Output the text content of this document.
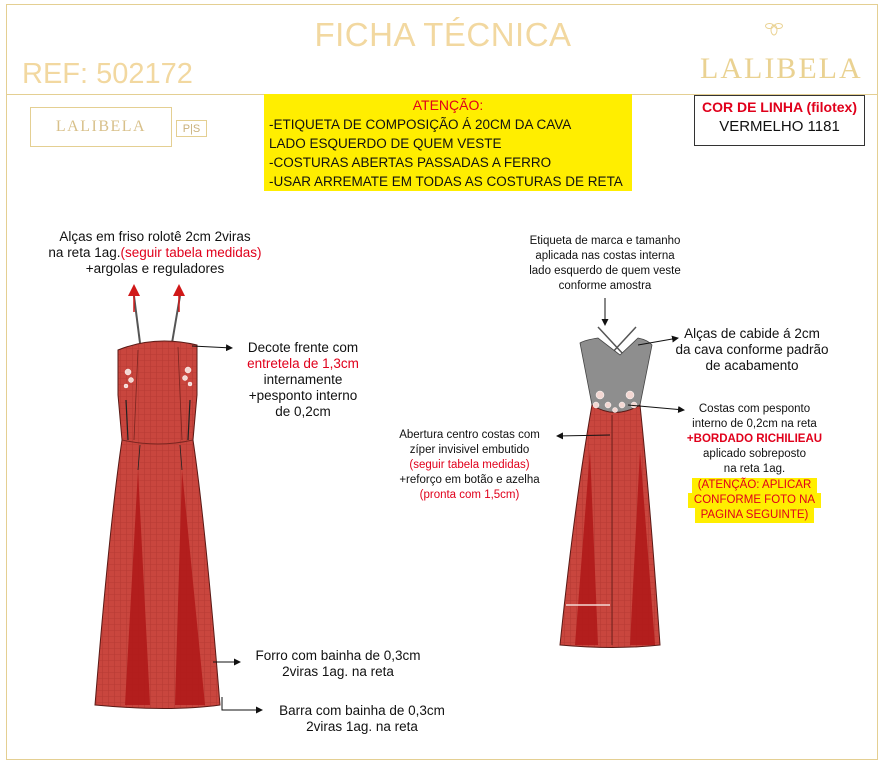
FICHA TÉCNICA
REF: 502172	LALIBELA
LALIBELA	P|S
ATENÇÃO:
-ETIQUETA DE COMPOSIÇÃO Á 20CM DA CAVA
LADO ESQUERDO DE QUEM VESTE
-COSTURAS ABERTAS PASSADAS A FERRO
-USAR ARREMATE EM TODAS AS COSTURAS DE RETA
COR DE LINHA (filotex)
VERMELHO 1181
Alças em friso rolotê 2cm 2viras
na reta 1ag.(seguir tabela medidas)
+argolas e reguladores
Decote frente com
entretela de 1,3cm
internamente
+pesponto interno
de 0,2cm
Forro com bainha de 0,3cm
2viras 1ag. na reta
Barra com bainha de 0,3cm
2viras 1ag. na reta
Etiqueta de marca e tamanho
aplicada nas costas interna
lado esquerdo de quem veste
conforme amostra
Alças de cabide á 2cm
da cava conforme padrão
de acabamento
Costas com pesponto
interno de 0,2cm na reta
+BORDADO RICHILIEAU
aplicado sobreposto
na reta 1ag.
(ATENÇÃO: APLICAR
CONFORME FOTO NA
PAGINA SEGUINTE)
Abertura centro costas com
zíper invisivel embutido
(seguir tabela medidas)
+reforço em botão e azelha
(pronta com 1,5cm)
